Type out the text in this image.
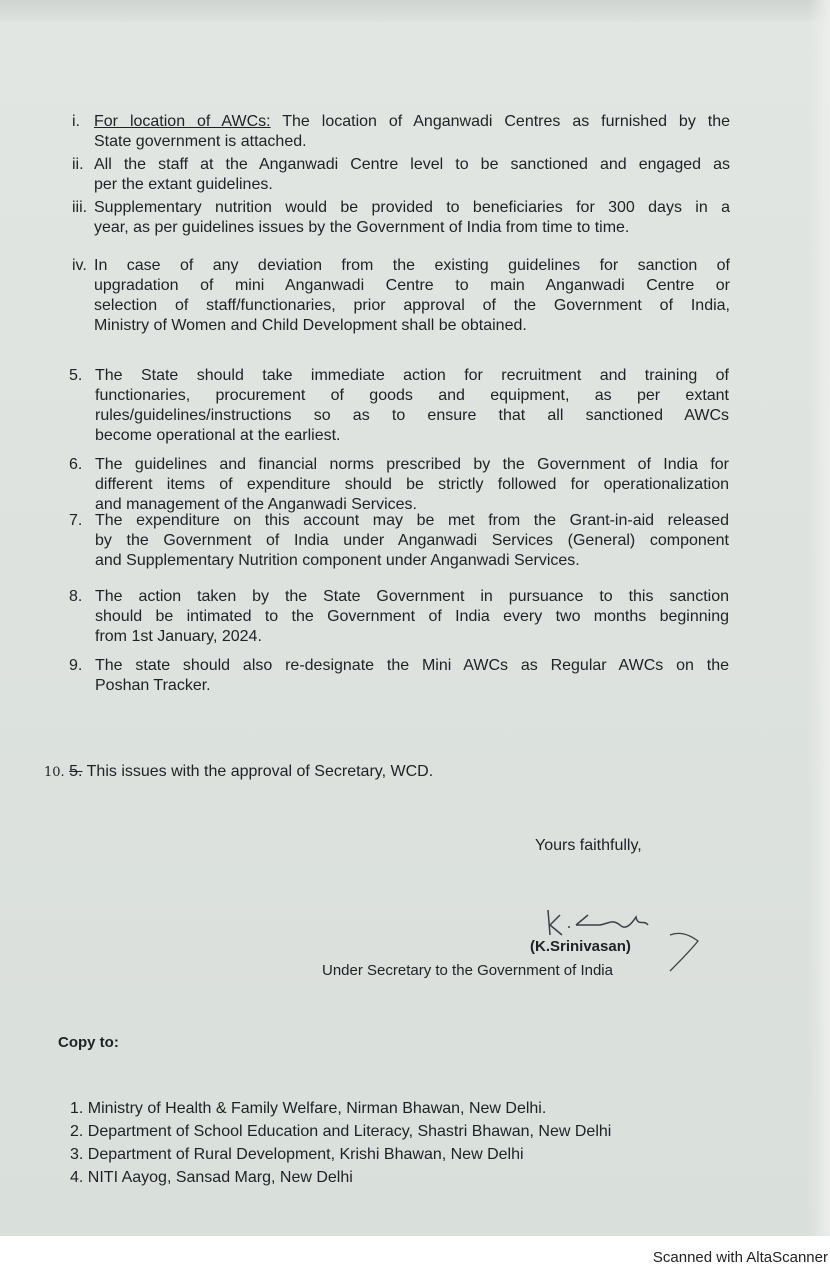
i. For location of AWCs: The location of Anganwadi Centres as furnished by the
State government is attached.
ii. All the staff at the Anganwadi Centre level to be sanctioned and engaged as
per the extant guidelines.
iii. Supplementary nutrition would be provided to beneficiaries for 300 days in a
year, as per guidelines issues by the Government of India from time to time.
iv. In case of any deviation from the existing guidelines for sanction of
upgradation of mini Anganwadi Centre to main Anganwadi Centre or
selection of staff/functionaries, prior approval of the Government of India,
Ministry of Women and Child Development shall be obtained.
5. The State should take immediate action for recruitment and training of
functionaries, procurement of goods and equipment, as per extant
rules/guidelines/instructions so as to ensure that all sanctioned AWCs
become operational at the earliest.
6. The guidelines and financial norms prescribed by the Government of India for
different items of expenditure should be strictly followed for operationalization
and management of the Anganwadi Services.
7. The expenditure on this account may be met from the Grant-in-aid released
by the Government of India under Anganwadi Services (General) component
and Supplementary Nutrition component under Anganwadi Services.
8. The action taken by the State Government in pursuance to this sanction
should be intimated to the Government of India every two months beginning
from 1st January, 2024.
9. The state should also re-designate the Mini AWCs as Regular AWCs on the
Poshan Tracker.
10. 5. This issues with the approval of Secretary, WCD.
Yours faithfully,
(K.Srinivasan)
Under Secretary to the Government of India
Copy to:
1. Ministry of Health & Family Welfare, Nirman Bhawan, New Delhi.
2. Department of School Education and Literacy, Shastri Bhawan, New Delhi
3. Department of Rural Development, Krishi Bhawan, New Delhi
4. NITI Aayog, Sansad Marg, New Delhi
Scanned with AltaScanner
